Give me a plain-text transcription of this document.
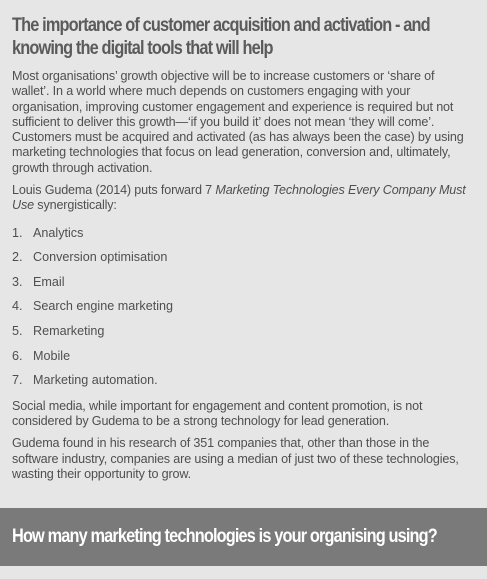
The importance of customer acquisition and activation - and knowing the digital tools that will help

Most organisations’ growth objective will be to increase customers or ‘share of wallet’. In a world where much depends on customers engaging with your organisation, improving customer engagement and experience is required but not sufficient to deliver this growth—‘if you build it’ does not mean ‘they will come’. Customers must be acquired and activated (as has always been the case) by using marketing technologies that focus on lead generation, conversion and, ultimately, growth through activation.

Louis Gudema (2014) puts forward 7 Marketing Technologies Every Company Must Use synergistically:

1. Analytics
2. Conversion optimisation
3. Email
4. Search engine marketing
5. Remarketing
6. Mobile
7. Marketing automation.

Social media, while important for engagement and content promotion, is not considered by Gudema to be a strong technology for lead generation.

Gudema found in his research of 351 companies that, other than those in the software industry, companies are using a median of just two of these technologies, wasting their opportunity to grow.

How many marketing technologies is your organising using?
